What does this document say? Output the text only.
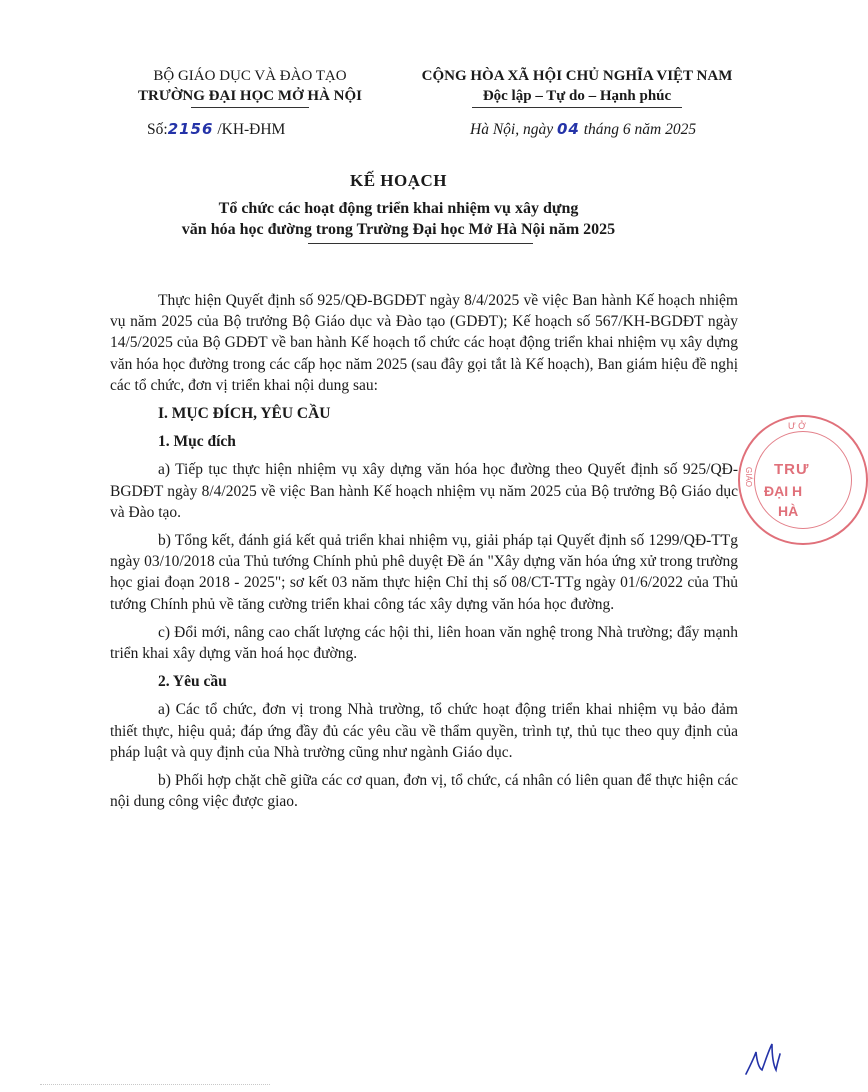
BỘ GIÁO DỤC VÀ ĐÀO TẠO
TRƯỜNG ĐẠI HỌC MỞ HÀ NỘI
CỘNG HÒA XÃ HỘI CHỦ NGHĨA VIỆT NAM
Độc lập – Tự do – Hạnh phúc
Số:2156 /KH-ĐHM	Hà Nội, ngày 04 tháng 6 năm 2025
KẾ HOẠCH
Tổ chức các hoạt động triển khai nhiệm vụ xây dựng
văn hóa học đường trong Trường Đại học Mở Hà Nội năm 2025

Thực hiện Quyết định số 925/QĐ-BGDĐT ngày 8/4/2025 về việc Ban hành Kế hoạch nhiệm vụ năm 2025 của Bộ trưởng Bộ Giáo dục và Đào tạo (GDĐT); Kế hoạch số 567/KH-BGDĐT ngày 14/5/2025 của Bộ GDĐT về ban hành Kế hoạch tổ chức các hoạt động triển khai nhiệm vụ xây dựng văn hóa học đường trong các cấp học năm 2025 (sau đây gọi tắt là Kế hoạch), Ban giám hiệu đề nghị các tổ chức, đơn vị triển khai nội dung sau:

I. MỤC ĐÍCH, YÊU CẦU

1. Mục đích

a) Tiếp tục thực hiện nhiệm vụ xây dựng văn hóa học đường theo Quyết định số 925/QĐ-BGDĐT ngày 8/4/2025 về việc Ban hành Kế hoạch nhiệm vụ năm 2025 của Bộ trưởng Bộ Giáo dục và Đào tạo.

b) Tổng kết, đánh giá kết quả triển khai nhiệm vụ, giải pháp tại Quyết định số 1299/QĐ-TTg ngày 03/10/2018 của Thủ tướng Chính phủ phê duyệt Đề án "Xây dựng văn hóa ứng xử trong trường học giai đoạn 2018 - 2025"; sơ kết 03 năm thực hiện Chỉ thị số 08/CT-TTg ngày 01/6/2022 của Thủ tướng Chính phủ về tăng cường triển khai công tác xây dựng văn hóa học đường.

c) Đổi mới, nâng cao chất lượng các hội thi, liên hoan văn nghệ trong Nhà trường; đẩy mạnh triển khai xây dựng văn hoá học đường.

2. Yêu cầu

a) Các tổ chức, đơn vị trong Nhà trường, tổ chức hoạt động triển khai nhiệm vụ bảo đảm thiết thực, hiệu quả; đáp ứng đầy đủ các yêu cầu về thẩm quyền, trình tự, thủ tục theo quy định của pháp luật và quy định của Nhà trường cũng như ngành Giáo dục.

b) Phối hợp chặt chẽ giữa các cơ quan, đơn vị, tổ chức, cá nhân có liên quan để thực hiện các nội dung công việc được giao.

Ư Ở
GIÁO TRƯ
ĐẠI H
HÀ
